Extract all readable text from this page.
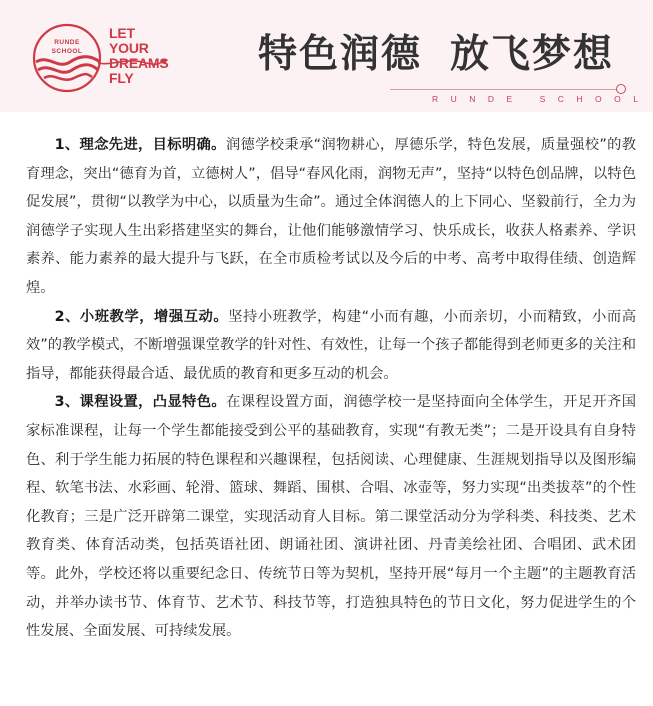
RUNDE
SCHOOL
LET YOUR
DREAMS FLY
特色润德 放飞梦想
RUNDE SCHOOL

1、理念先进，目标明确。润德学校秉承“润物耕心，厚德乐学，特色发展，质量强校”的教育理念，突出“德育为首，立德树人”，倡导“春风化雨，润物无声”，坚持“以特色创品牌，以特色促发展”，贯彻“以教学为中心，以质量为生命”。通过全体润德人的上下同心、坚毅前行，全力为润德学子实现人生出彩搭建坚实的舞台，让他们能够激情学习、快乐成长，收获人格素养、学识素养、能力素养的最大提升与飞跃，在全市质检考试以及今后的中考、高考中取得佳绩、创造辉煌。

2、小班教学，增强互动。坚持小班教学，构建“小而有趣，小而亲切，小而精致，小而高效”的教学模式，不断增强课堂教学的针对性、有效性，让每一个孩子都能得到老师更多的关注和指导，都能获得最合适、最优质的教育和更多互动的机会。

3、课程设置，凸显特色。在课程设置方面，润德学校一是坚持面向全体学生，开足开齐国家标准课程，让每一个学生都能接受到公平的基础教育，实现“有教无类”；二是开设具有自身特色、利于学生能力拓展的特色课程和兴趣课程，包括阅读、心理健康、生涯规划指导以及图形编程、软笔书法、水彩画、轮滑、篮球、舞蹈、围棋、合唱、冰壶等，努力实现“出类拔萃”的个性化教育；三是广泛开辟第二课堂，实现活动育人目标。第二课堂活动分为学科类、科技类、艺术教育类、体育活动类，包括英语社团、朗诵社团、演讲社团、丹青美绘社团、合唱团、武术团等。此外，学校还将以重要纪念日、传统节日等为契机，坚持开展“每月一个主题”的主题教育活动，并举办读书节、体育节、艺术节、科技节等，打造独具特色的节日文化，努力促进学生的个性发展、全面发展、可持续发展。
